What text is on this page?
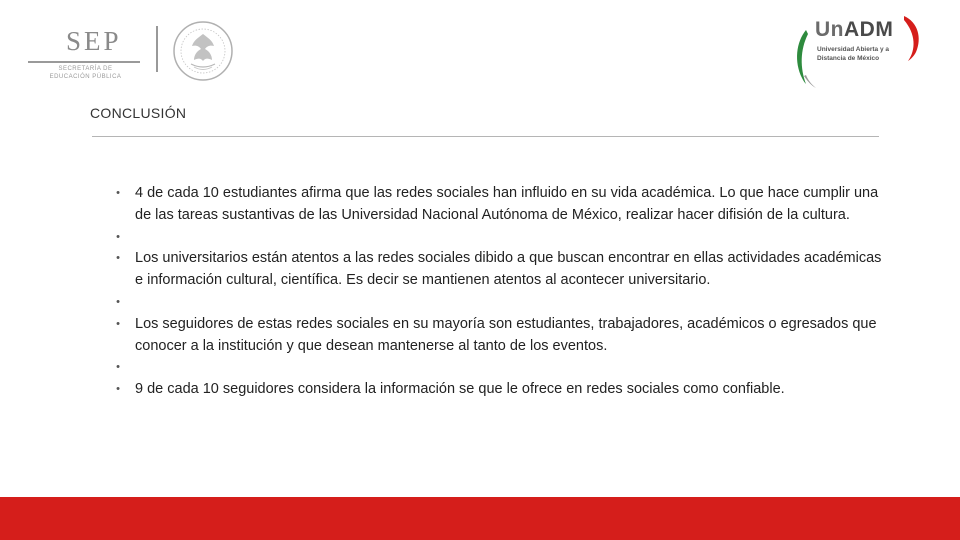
SEP
SECRETARÍA DE
EDUCACIÓN PÚBLICA
UnADM
Universidad Abierta y a
Distancia de México
CONCLUSIÓN
• 4 de cada 10 estudiantes afirma que las redes sociales han influido en su vida académica. Lo que hace cumplir una de las tareas sustantivas de las Universidad Nacional Autónoma de México, realizar hacer difisión de la cultura.
•
• Los universitarios están atentos a las redes sociales dibido a que buscan encontrar en ellas actividades académicas e información cultural, científica. Es decir se mantienen atentos al acontecer universitario.
•
• Los seguidores de estas redes sociales en su mayoría son estudiantes, trabajadores, académicos o egresados que conocer a la institución y que desean mantenerse al tanto de los eventos.
•
• 9 de cada 10 seguidores considera la información se que le ofrece en redes sociales como confiable.
